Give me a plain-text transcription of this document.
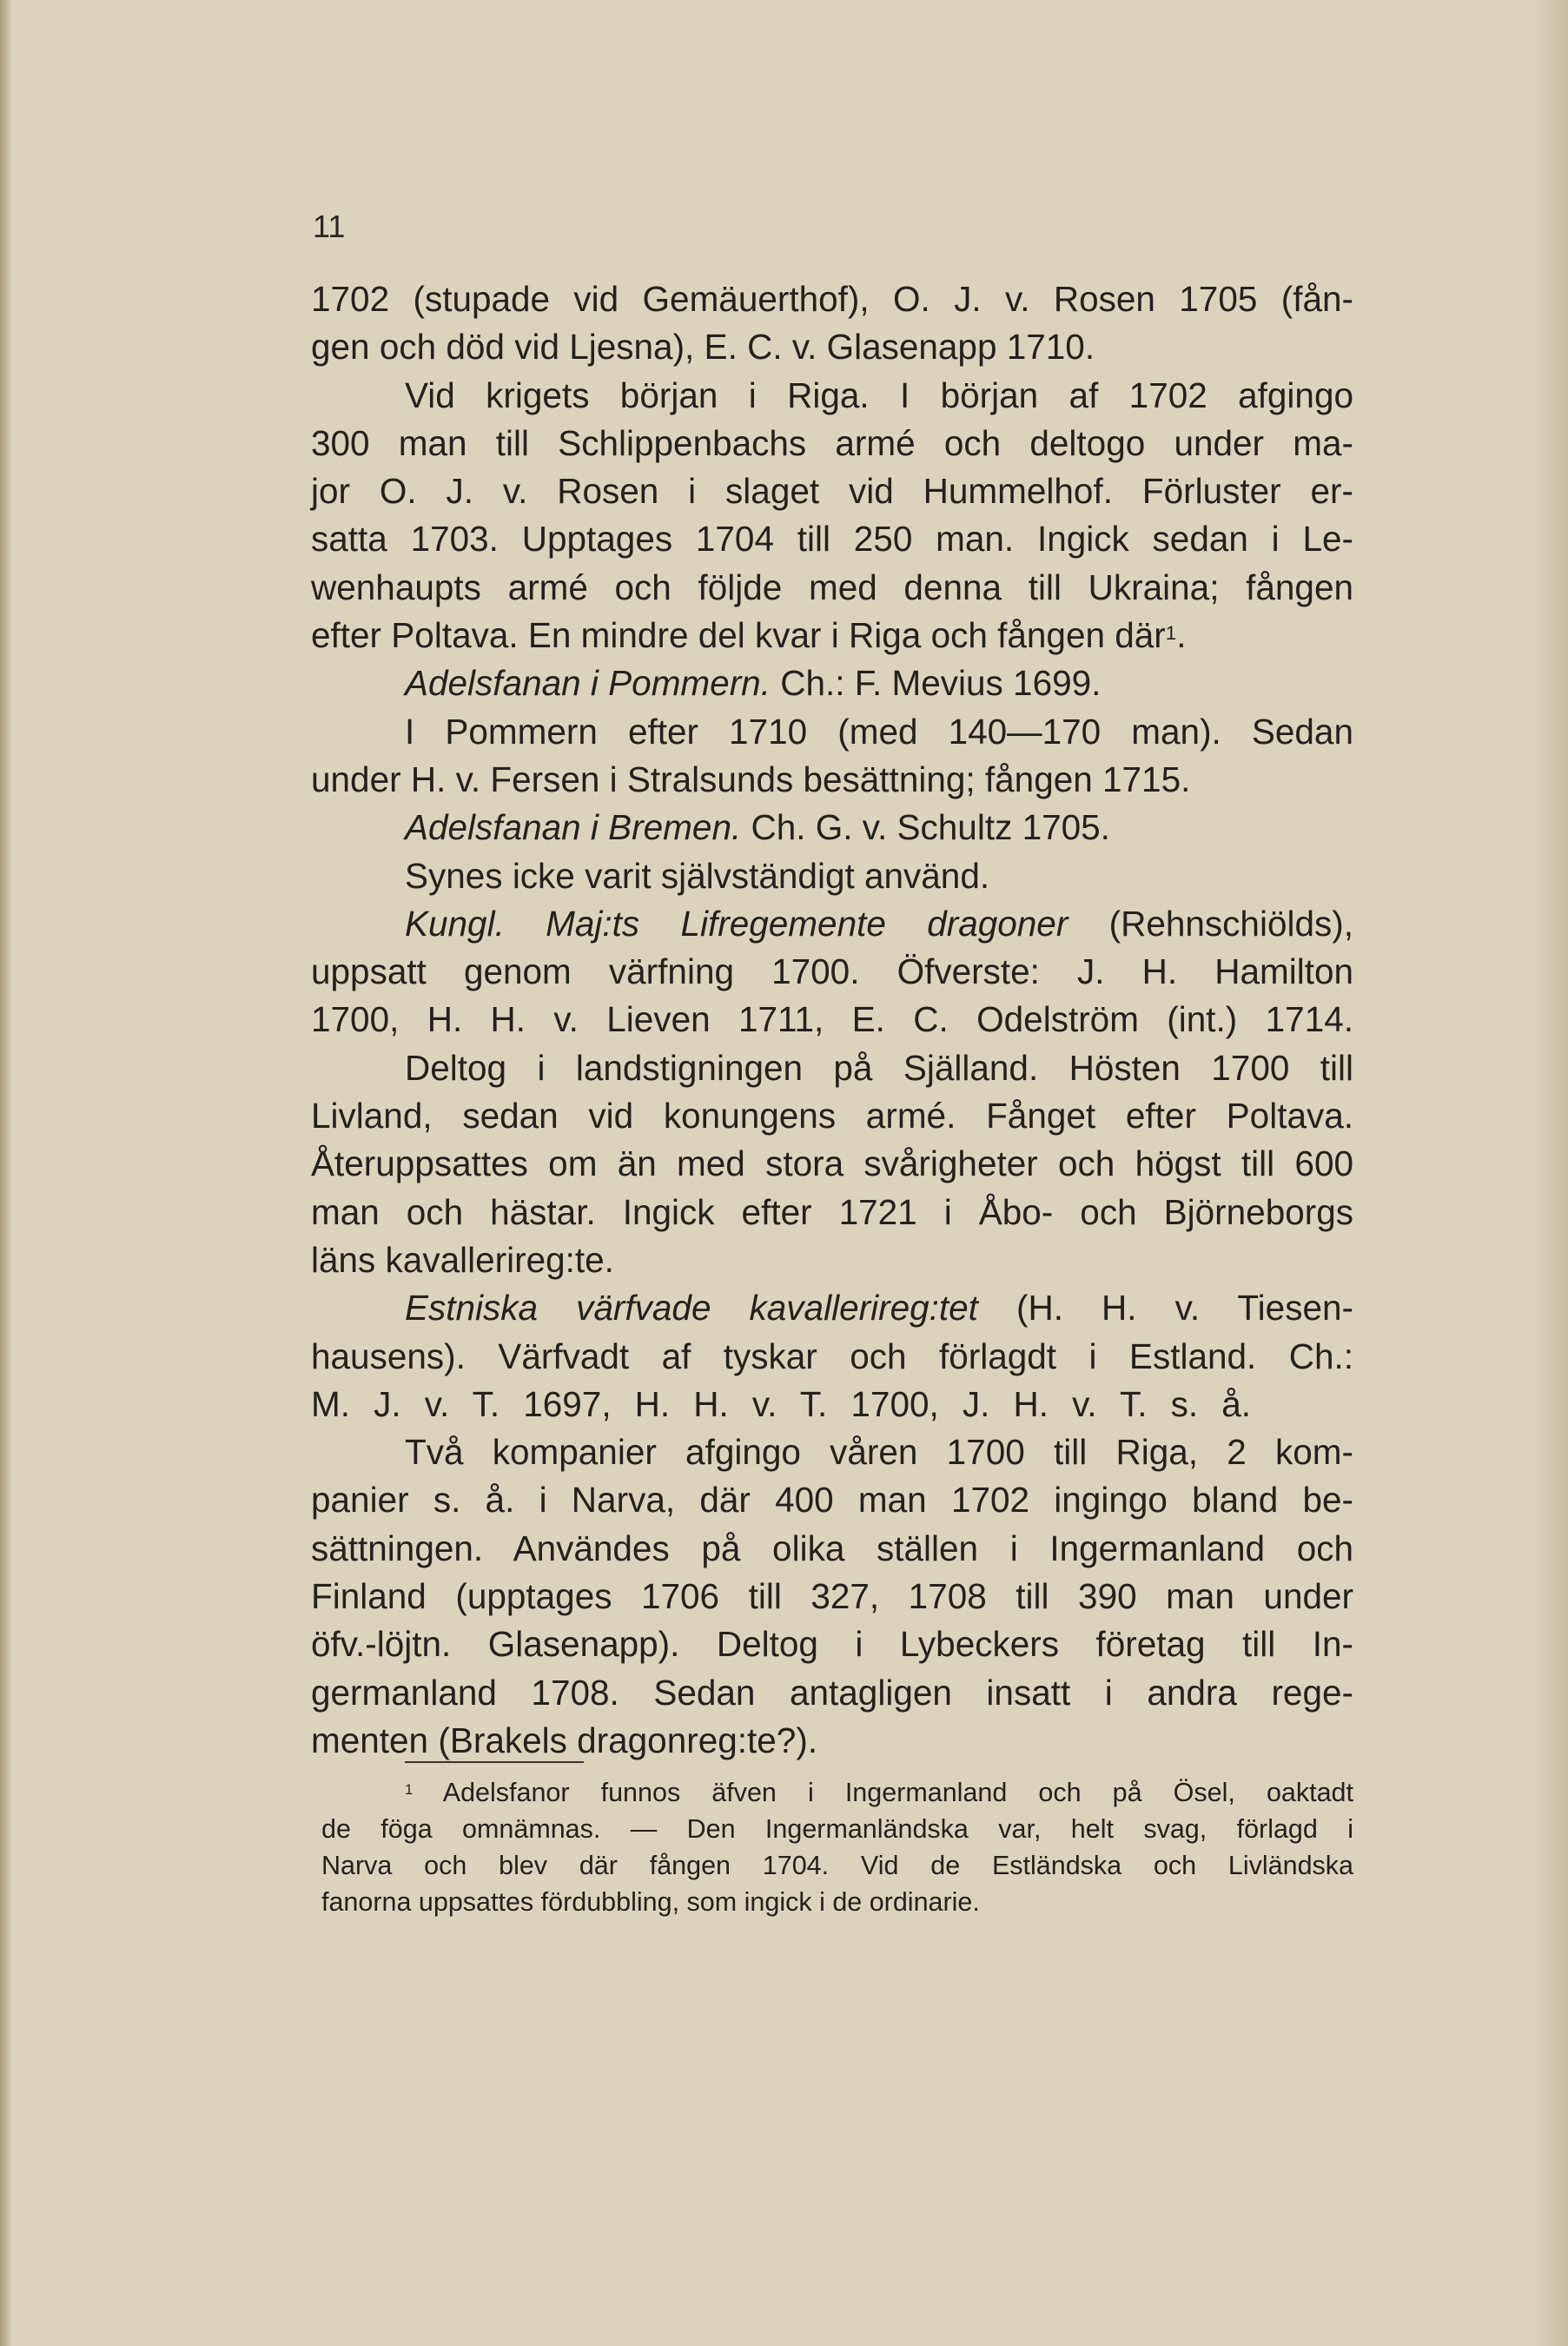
11
1702 (stupade vid Gemäuerthof), O. J. v. Rosen 1705 (fån-
gen och död vid Ljesna), E. C. v. Glasenapp 1710.
Vid krigets början i Riga. I början af 1702 afgingo
300 man till Schlippenbachs armé och deltogo under ma-
jor O. J. v. Rosen i slaget vid Hummelhof. Förluster er-
satta 1703. Upptages 1704 till 250 man. Ingick sedan i Le-
wenhaupts armé och följde med denna till Ukraina; fången
efter Poltava. En mindre del kvar i Riga och fången där$^1$.
Adelsfanan i Pommern. Ch.: F. Mevius 1699.
I Pommern efter 1710 (med 140—170 man). Sedan
under H. v. Fersen i Stralsunds besättning; fången 1715.
Adelsfanan i Bremen. Ch. G. v. Schultz 1705.
Synes icke varit självständigt använd.
Kungl. Maj:ts Lifregemente dragoner (Rehnschiölds),
uppsatt genom värfning 1700. Öfverste: J. H. Hamilton
1700, H. H. v. Lieven 1711, E. C. Odelström (int.) 1714.
Deltog i landstigningen på Själland. Hösten 1700 till
Livland, sedan vid konungens armé. Fånget efter Poltava.
Återuppsattes om än med stora svårigheter och högst till 600
man och hästar. Ingick efter 1721 i Åbo- och Björneborgs
läns kavallerireg:te.
Estniska värfvade kavallerireg:tet (H. H. v. Tiesen-
hausens). Värfvadt af tyskar och förlagdt i Estland. Ch.:
M. J. v. T. 1697, H. H. v. T. 1700, J. H. v. T. s. å.
Två kompanier afgingo våren 1700 till Riga, 2 kom-
panier s. å. i Narva, där 400 man 1702 ingingo bland be-
sättningen. Användes på olika ställen i Ingermanland och
Finland (upptages 1706 till 327, 1708 till 390 man under
öfv.-löjtn. Glasenapp). Deltog i Lybeckers företag till In-
germanland 1708. Sedan antagligen insatt i andra rege-
menten (Brakels dragonreg:te?).
$^1$ Adelsfanor funnos äfven i Ingermanland och på Ösel, oaktadt
de föga omnämnas. — Den Ingermanländska var, helt svag, förlagd i
Narva och blev där fången 1704. Vid de Estländska och Livländska
fanorna uppsattes fördubbling, som ingick i de ordinarie.
